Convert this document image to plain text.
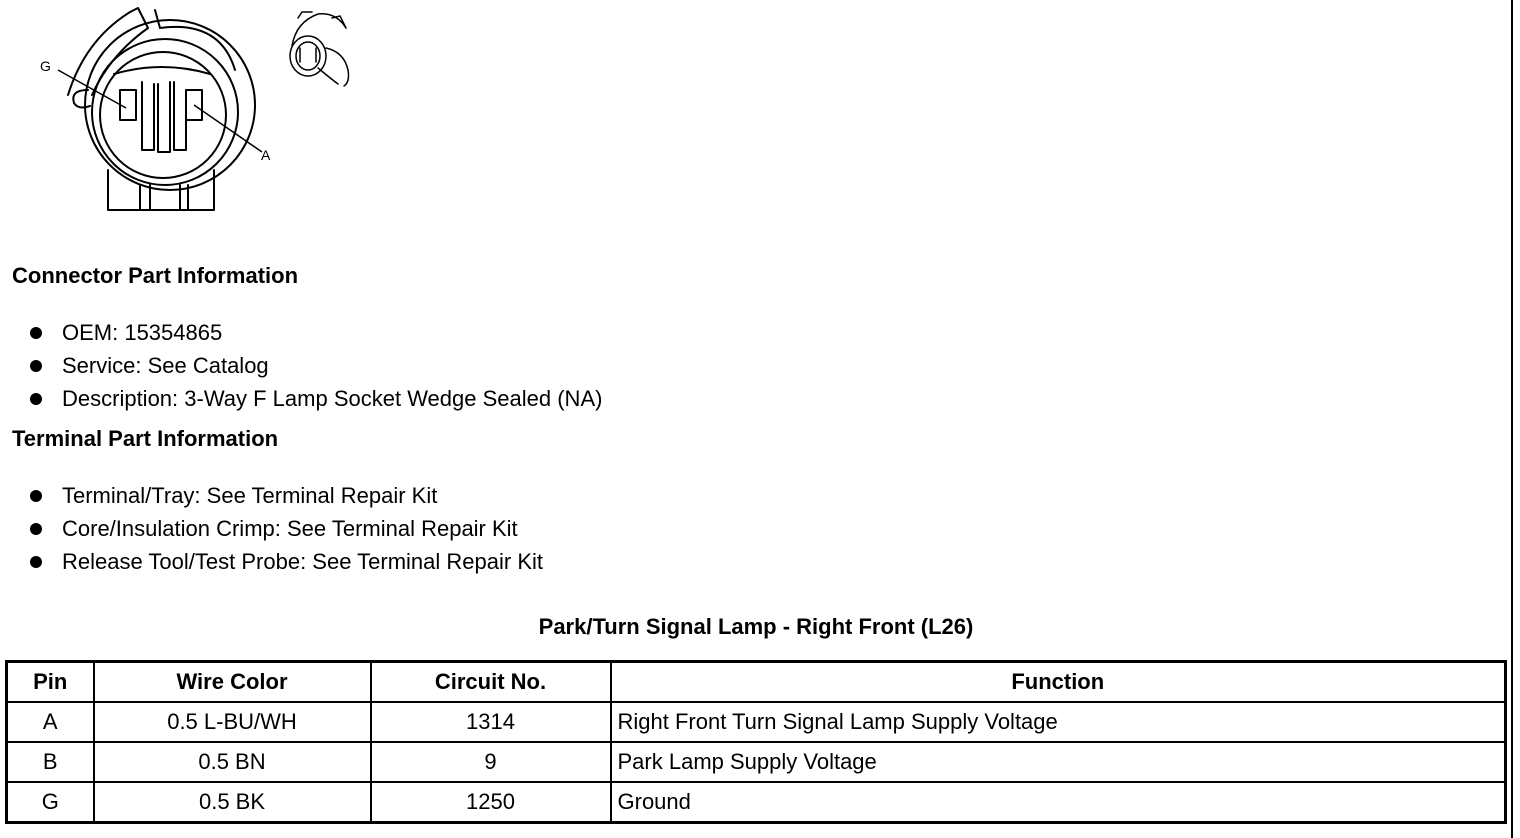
G
A
Connector Part Information
OEM: 15354865
Service: See Catalog
Description: 3-Way F Lamp Socket Wedge Sealed (NA)
Terminal Part Information
Terminal/Tray: See Terminal Repair Kit
Core/Insulation Crimp: See Terminal Repair Kit
Release Tool/Test Probe: See Terminal Repair Kit
Park/Turn Signal Lamp - Right Front (L26)
Pin	Wire Color	Circuit No.	Function
A	0.5 L-BU/WH	1314	Right Front Turn Signal Lamp Supply Voltage
B	0.5 BN	9	Park Lamp Supply Voltage
G	0.5 BK	1250	Ground
